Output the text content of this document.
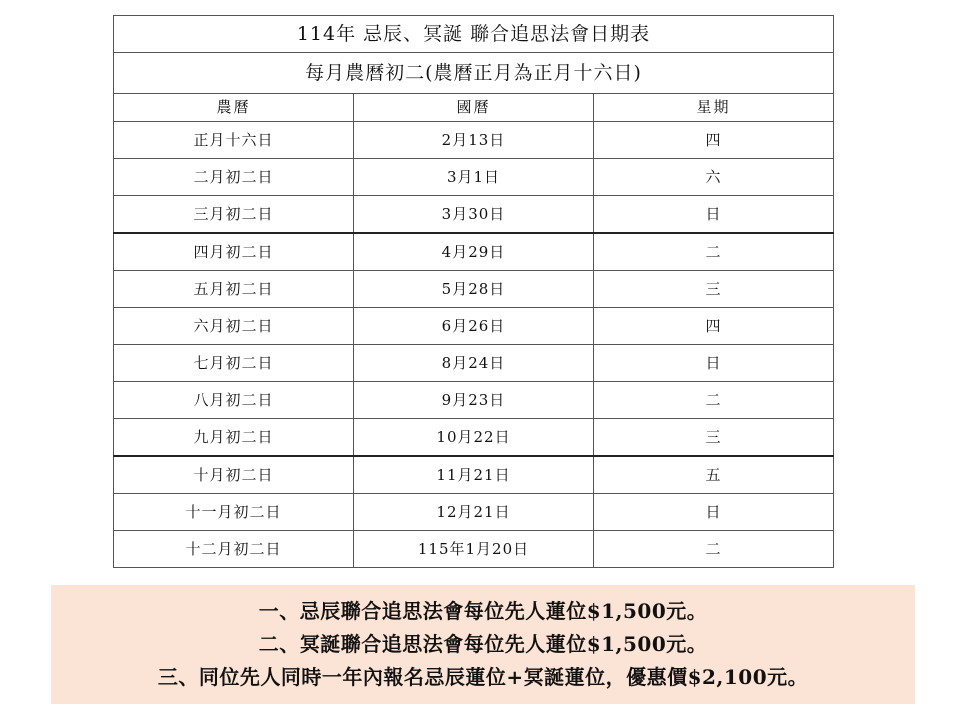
114年 忌辰、冥誕 聯合追思法會日期表		
每月農曆初二(農曆正月為正月十六日)		
農曆	國曆	星期
正月十六日	2月13日	四
二月初二日	3月1日	六
三月初二日	3月30日	日
四月初二日	4月29日	二
五月初二日	5月28日	三
六月初二日	6月26日	四
七月初二日	8月24日	日
八月初二日	9月23日	二
九月初二日	10月22日	三
十月初二日	11月21日	五
十一月初二日	12月21日	日
十二月初二日	115年1月20日	二
一、忌辰聯合追思法會每位先人蓮位$1,500元。
二、冥誕聯合追思法會每位先人蓮位$1,500元。
三、同位先人同時一年內報名忌辰蓮位+冥誕蓮位，優惠價$2,100元。
